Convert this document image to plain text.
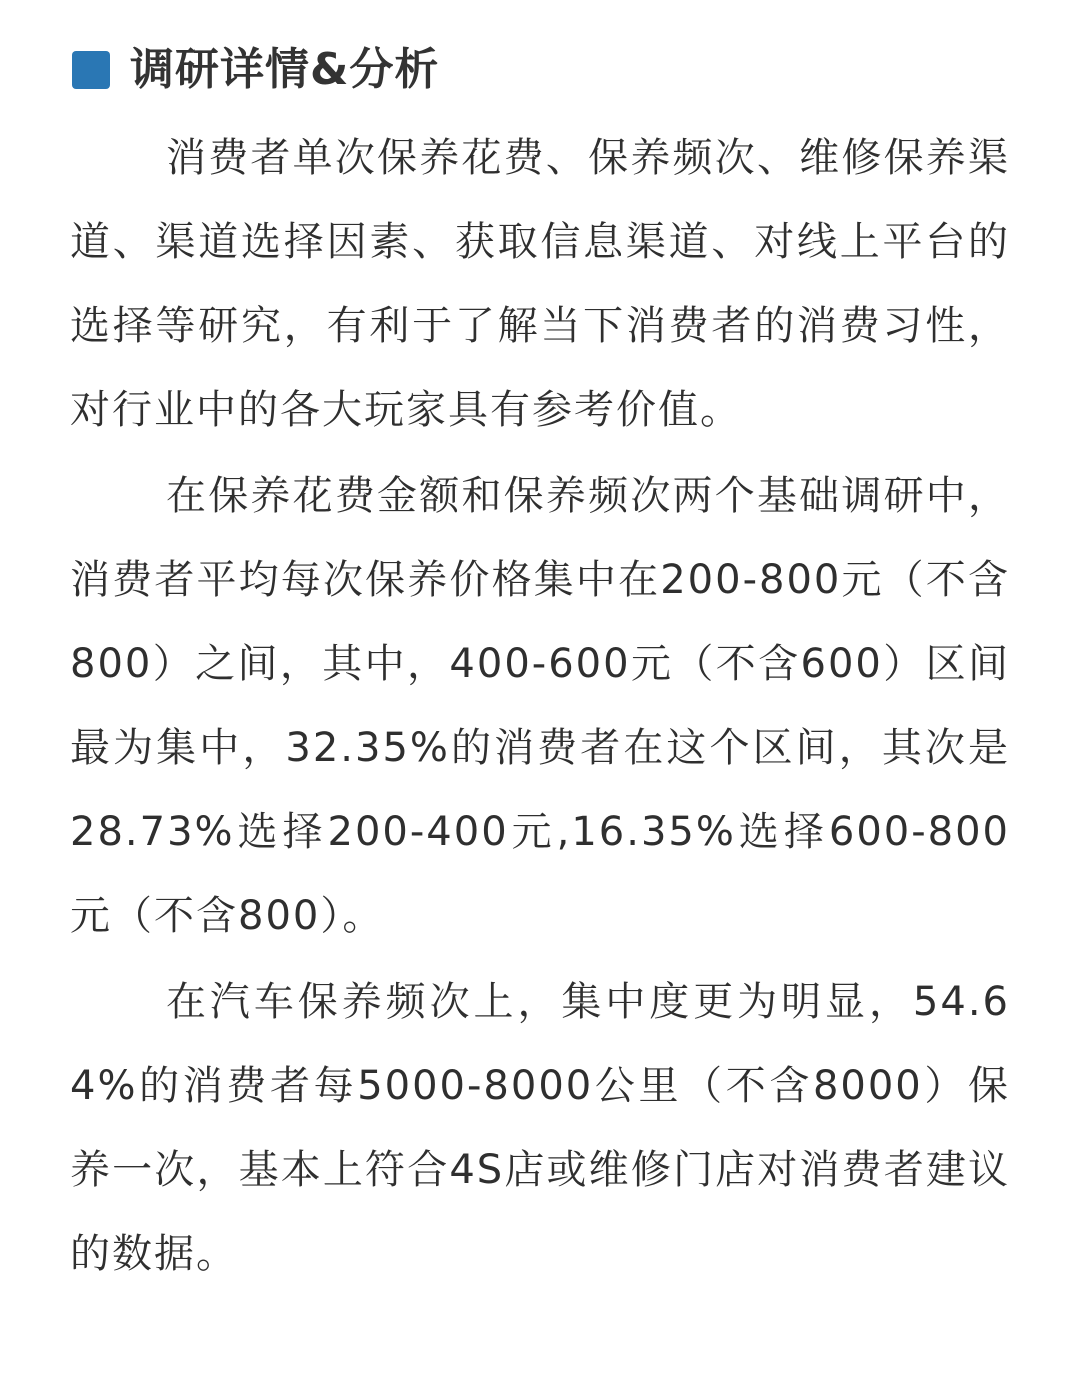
调研详情&分析

消费者单次保养花费、保养频次、维修保养渠道、渠道选择因素、获取信息渠道、对线上平台的选择等研究，有利于了解当下消费者的消费习性，对行业中的各大玩家具有参考价值。

在保养花费金额和保养频次两个基础调研中，消费者平均每次保养价格集中在200-800元（不含800）之间，其中，400-600元（不含600）区间最为集中，32.35%的消费者在这个区间，其次是28.73%选择200-400元,16.35%选择600-800元（不含800）。

在汽车保养频次上，集中度更为明显，54.64%的消费者每5000-8000公里（不含8000）保养一次，基本上符合4S店或维修门店对消费者建议的数据。
